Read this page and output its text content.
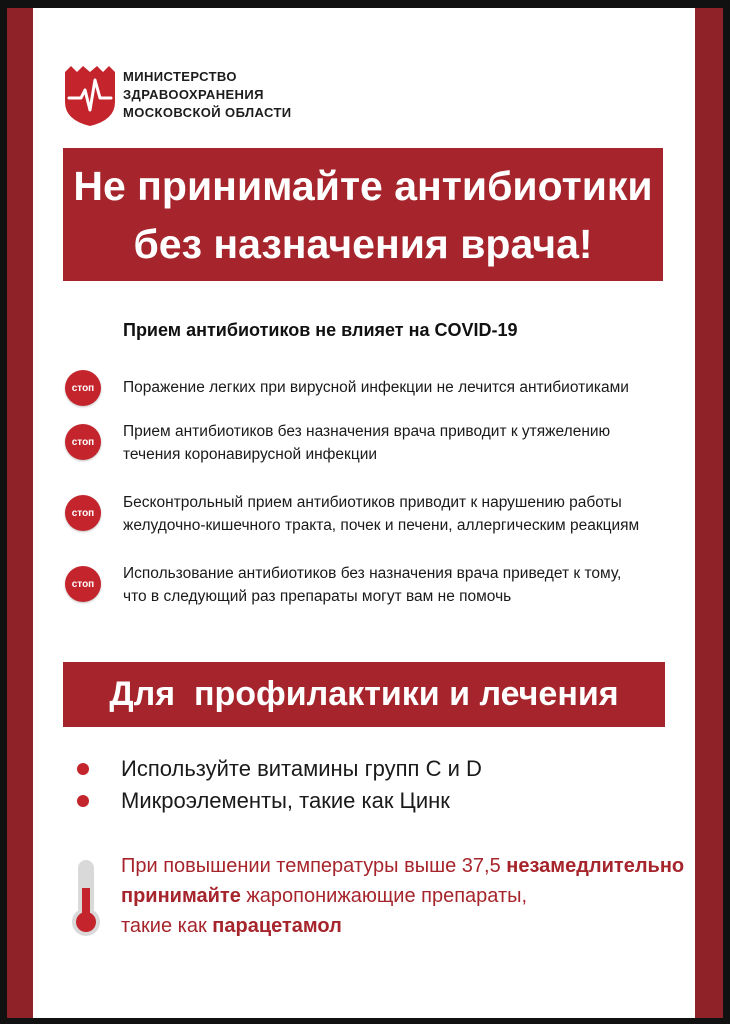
МИНИСТЕРСТВО
ЗДРАВООХРАНЕНИЯ
МОСКОВСКОЙ ОБЛАСТИ
Не принимайте антибиотики
без назначения врача!
Прием антибиотиков не влияет на COVID-19
стоп	Поражение легких при вирусной инфекции не лечится антибиотиками
стоп
Прием антибиотиков без назначения врача приводит к утяжелению
течения коронавирусной инфекции
стоп
Бесконтрольный прием антибиотиков приводит к нарушению работы
желудочно-кишечного тракта, почек и печени, аллергическим реакциям
стоп
Использование антибиотиков без назначения врача приведет к тому,
что в следующий раз препараты могут вам не помочь
Для  профилактики и лечения
Используйте витамины групп С и D
Микроэлементы, такие как Цинк
При повышении температуры выше 37,5 незамедлительно
принимайте жаропонижающие препараты,
такие как парацетамол
